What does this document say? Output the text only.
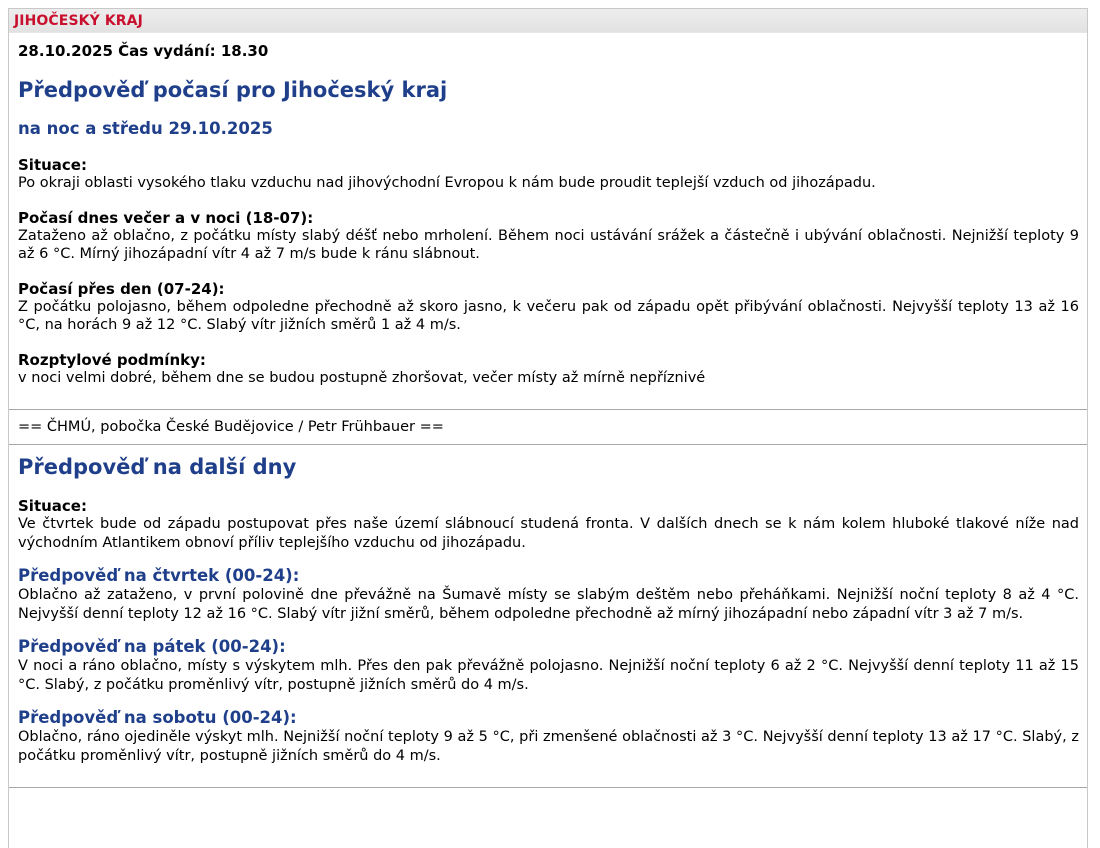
JIHOČESKÝ KRAJ
28.10.2025 Čas vydání: 18.30
Předpověď počasí pro Jihočeský kraj
na noc a středu 29.10.2025
Situace:
Po okraji oblasti vysokého tlaku vzduchu nad jihovýchodní Evropou k nám bude proudit teplejší vzduch od jihozápadu.
Počasí dnes večer a v noci (18-07):
Zataženo až oblačno, z počátku místy slabý déšť nebo mrholení. Během noci ustávání srážek a částečně i ubývání oblačnosti. Nejnižší teploty 9 až 6 °C. Mírný jihozápadní vítr 4 až 7 m/s bude k ránu slábnout.
Počasí přes den (07-24):
Z počátku polojasno, během odpoledne přechodně až skoro jasno, k večeru pak od západu opět přibývání oblačnosti. Nejvyšší teploty 13 až 16 °C, na horách 9 až 12 °C. Slabý vítr jižních směrů 1 až 4 m/s.
Rozptylové podmínky:
v noci velmi dobré, během dne se budou postupně zhoršovat, večer místy až mírně nepříznivé
== ČHMÚ, pobočka České Budějovice / Petr Frühbauer ==
Předpověď na další dny
Situace:
Ve čtvrtek bude od západu postupovat přes naše území slábnoucí studená fronta. V dalších dnech se k nám kolem hluboké tlakové níže nad východním Atlantikem obnoví příliv teplejšího vzduchu od jihozápadu.
Předpověď na čtvrtek (00-24):
Oblačno až zataženo, v první polovině dne převážně na Šumavě místy se slabým deštěm nebo přeháňkami. Nejnižší noční teploty 8 až 4 °C. Nejvyšší denní teploty 12 až 16 °C. Slabý vítr jižní směrů, během odpoledne přechodně až mírný jihozápadní nebo západní vítr 3 až 7 m/s.
Předpověď na pátek (00-24):
V noci a ráno oblačno, místy s výskytem mlh. Přes den pak převážně polojasno. Nejnižší noční teploty 6 až 2 °C. Nejvyšší denní teploty 11 až 15 °C. Slabý, z počátku proměnlivý vítr, postupně jižních směrů do 4 m/s.
Předpověď na sobotu (00-24):
Oblačno, ráno ojediněle výskyt mlh. Nejnižší noční teploty 9 až 5 °C, při zmenšené oblačnosti až 3 °C. Nejvyšší denní teploty 13 až 17 °C. Slabý, z počátku proměnlivý vítr, postupně jižních směrů do 4 m/s.
